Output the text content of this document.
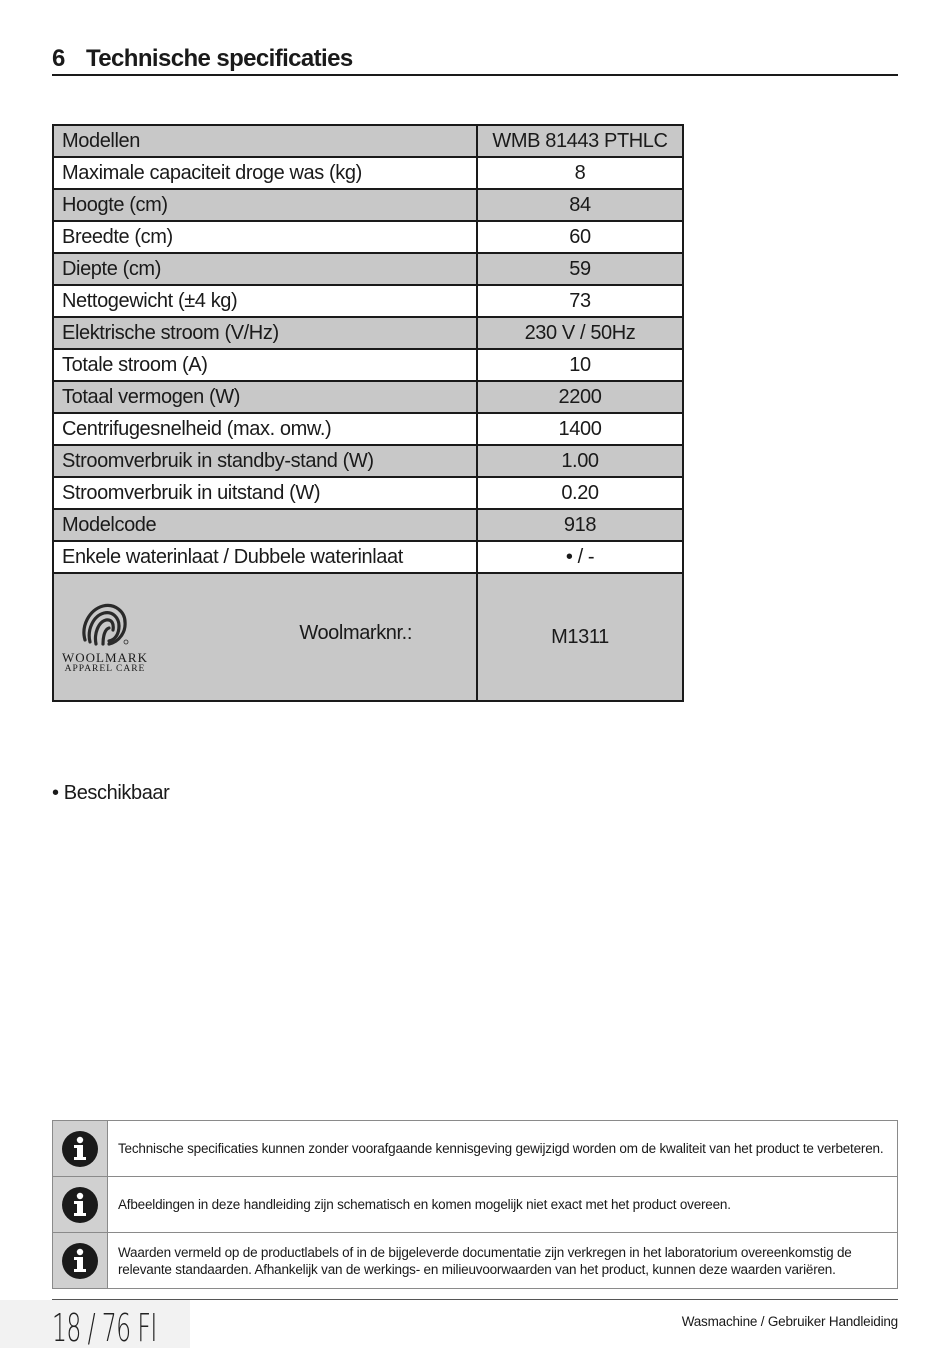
6 Technische specificaties
Modellen	WMB 81443 PTHLC
Maximale capaciteit droge was (kg)	8
Hoogte (cm)	84
Breedte (cm)	60
Diepte (cm)	59
Nettogewicht (±4 kg)	73
Elektrische stroom (V/Hz)	230 V / 50Hz
Totale stroom (A)	10
Totaal vermogen (W)	2200
Centrifugesnelheid (max. omw.)	1400
Stroomverbruik in standby-stand (W)	1.00
Stroomverbruik in uitstand (W)	0.20
Modelcode	918
Enkele waterinlaat / Dubbele waterinlaat	• / -

WOOLMARK
APPAREL CARE
Woolmarknr.:	M1311
• Beschikbaar
	Technische specificaties kunnen zonder voorafgaande kennisgeving gewijzigd worden om de kwaliteit van het product te verbeteren.

	Afbeeldingen in deze handleiding zijn schematisch en komen mogelijk niet exact met het product overeen.

	Waarden vermeld op de productlabels of in de bijgeleverde documentatie zijn verkregen in het laboratorium overeenkomstig de relevante standaarden. Afhankelijk van de werkings- en milieuvoorwaarden van het product, kunnen deze waarden variëren.
18 / 76 FI	Wasmachine / Gebruiker Handleiding
